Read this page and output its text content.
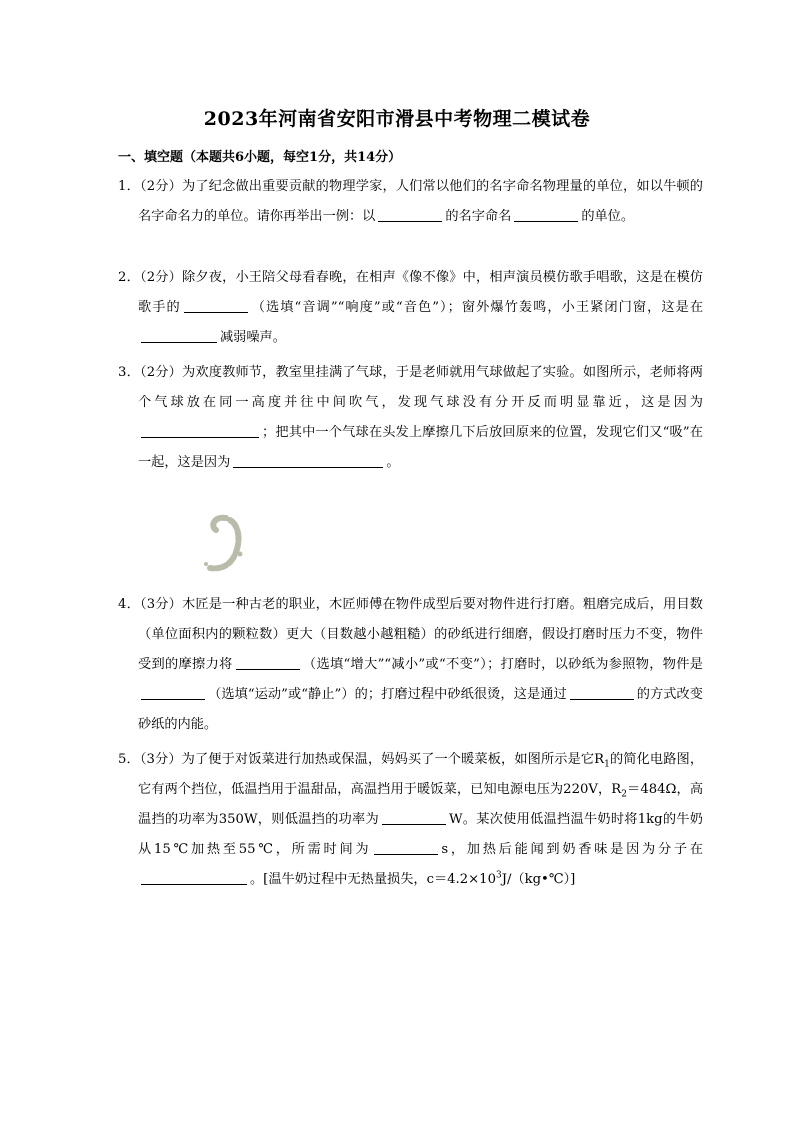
2023年河南省安阳市滑县中考物理二模试卷
一、填空题（本题共6小题，每空1分，共14分）
1．（2分）为了纪念做出重要贡献的物理学家，人们常以他们的名字命名物理量的单位，如以牛顿的名字命名力的单位。请你再举出一例：以	的名字命名	的单位。
2．（2分）除夕夜，小王陪父母看春晚，在相声《像不像》中，相声演员模仿歌手唱歌，这是在模仿歌手的	（选填“音调”“响度”或“音色”）；窗外爆竹轰鸣，小王紧闭门窗，这是在减弱噪声。
3．（2分）为欢度教师节，教室里挂满了气球，于是老师就用气球做起了实验。如图所示，老师将两个气球放在同一高度并往中间吹气，发现气球没有分开反而明显靠近，这是因为；把其中一个气球在头发上摩擦几下后放回原来的位置，发现它们又“吸”在一起，这是因为	。
4．（3分）木匠是一种古老的职业，木匠师傅在物件成型后要对物件进行打磨。粗磨完成后，用目数（单位面积内的颗粒数）更大（目数越小越粗糙）的砂纸进行细磨，假设打磨时压力不变，物件受到的摩擦力将	（选填“增大”“减小”或“不变”）；打磨时，以砂纸为参照物，物件是（选填“运动”或“静止”）的；打磨过程中砂纸很烫，这是通过	的方式改变砂纸的内能。
5．（3分）为了便于对饭菜进行加热或保温，妈妈买了一个暖菜板，如图所示是它$R_1$的简化电路图，它有两个挡位，低温挡用于温甜品，高温挡用于暖饭菜，已知电源电压为220V，$R_2=484\Omega$，高温挡的功率为350W，则低温挡的功率为	W。某次使用低温挡温牛奶时将1kg的牛奶从15℃加热至55℃，所需时间为	s，加热后能闻到奶香味是因为分子在。[温牛奶过程中无热量损失，$c=4.2\times 10^3J/(kg•℃)$]
